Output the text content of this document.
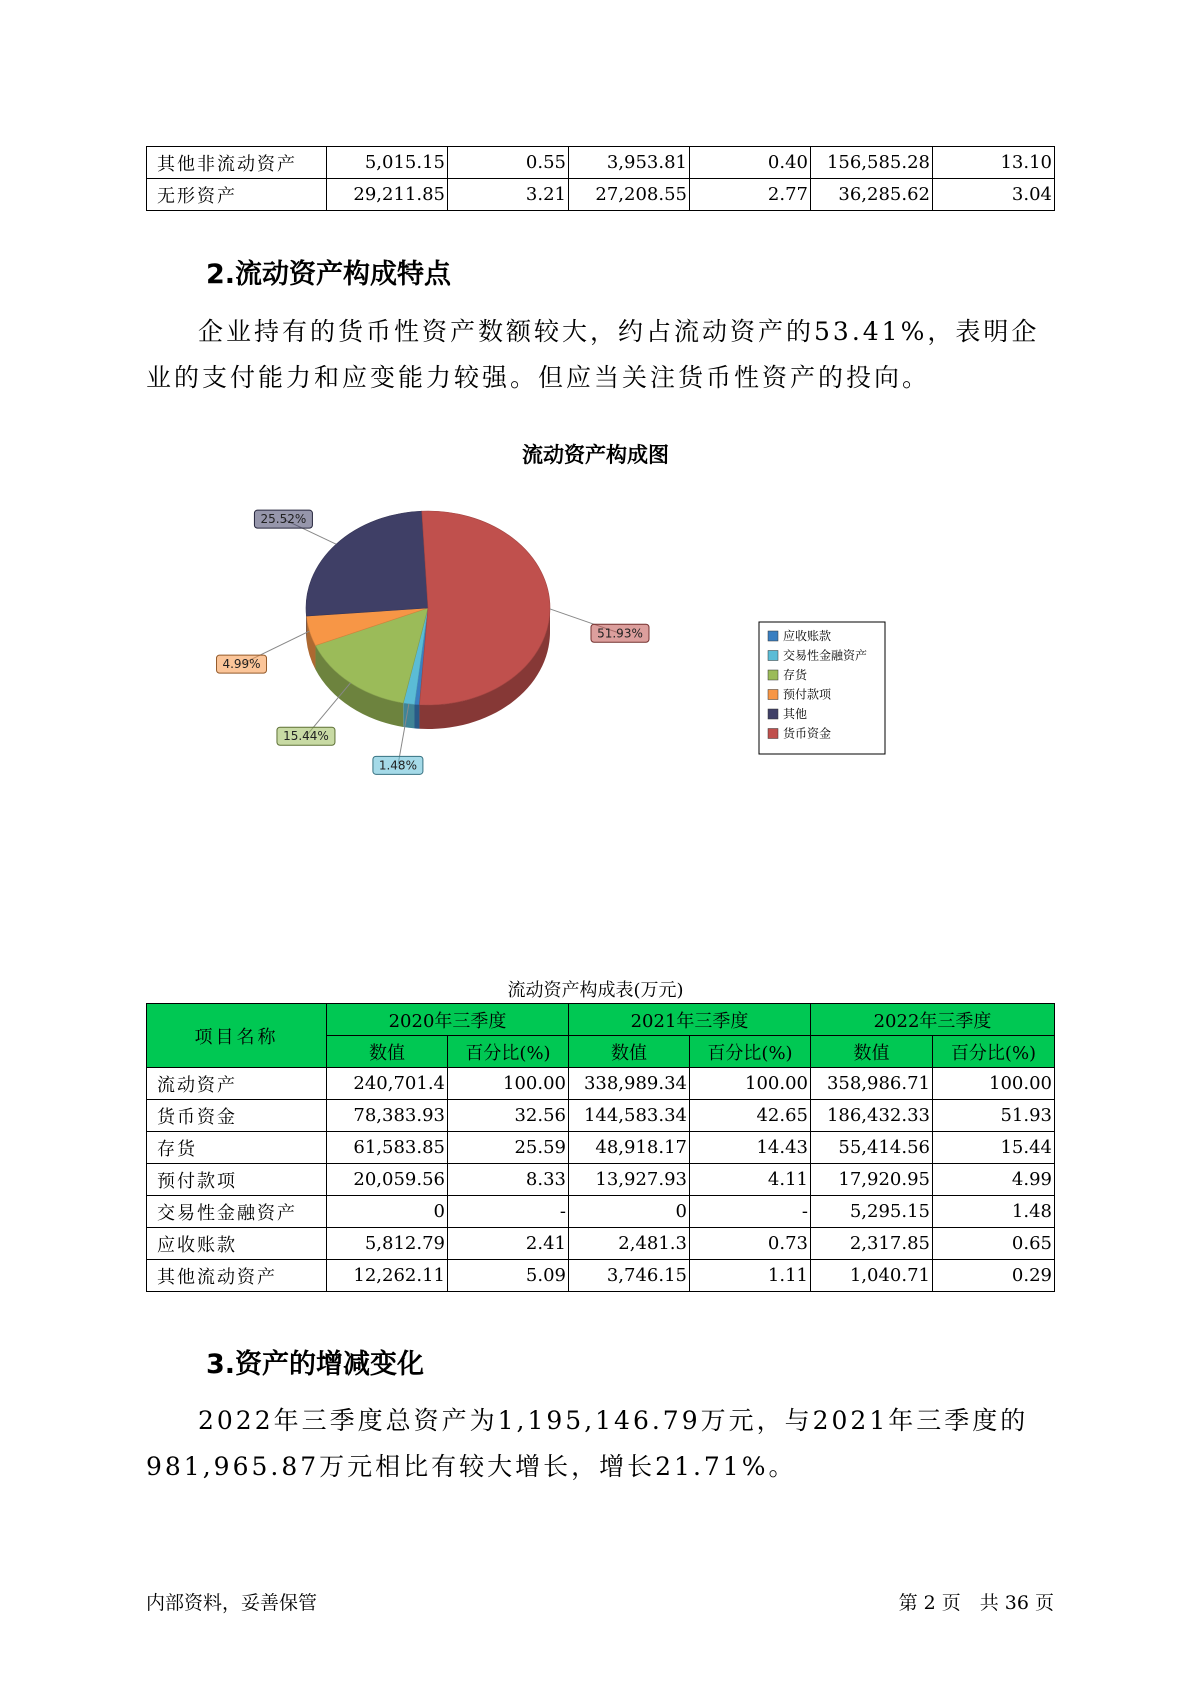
其他非流动资产	5,015.15	0.55	3,953.81	0.40	156,585.28	13.10
无形资产	29,211.85	3.21	27,208.55	2.77	36,285.62	3.04
2.流动资产构成特点

企业持有的货币性资产数额较大，约占流动资产的53.41%，表明企业的支付能力和应变能力较强。但应当关注货币性资产的投向。

流动资产构成图
1.48%
15.44%
4.99%
25.52%
51.93%	应收账款
交易性金融资产
存货
预付款项
其他
货币资金
流动资产构成表(万元)
项目名称	2020年三季度		2021年三季度		2022年三季度	
	数值	百分比(%)	数值	百分比(%)	数值	百分比(%)
流动资产	240,701.4	100.00	338,989.34	100.00	358,986.71	100.00
货币资金	78,383.93	32.56	144,583.34	42.65	186,432.33	51.93
存货	61,583.85	25.59	48,918.17	14.43	55,414.56	15.44
预付款项	20,059.56	8.33	13,927.93	4.11	17,920.95	4.99
交易性金融资产	0	-	0	-	5,295.15	1.48
应收账款	5,812.79	2.41	2,481.3	0.73	2,317.85	0.65
其他流动资产	12,262.11	5.09	3,746.15	1.11	1,040.71	0.29
3.资产的增减变化

2022年三季度总资产为1,195,146.79万元，与2021年三季度的981,965.87万元相比有较大增长，增长21.71%。

内部资料，妥善保管	第 2 页　共 36 页
